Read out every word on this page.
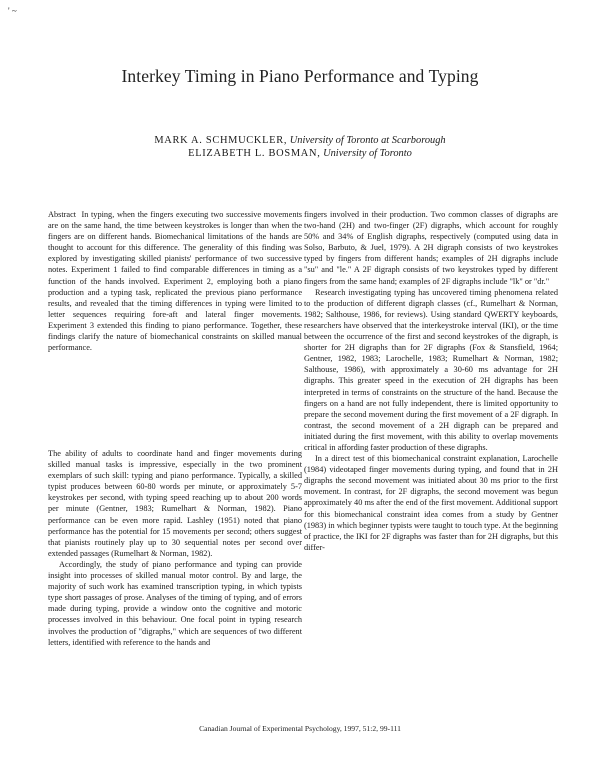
' ~
Interkey Timing in Piano Performance and Typing
MARK A. SCHMUCKLER, University of Toronto at Scarborough
ELIZABETH L. BOSMAN, University of Toronto

Abstract In typing, when the fingers executing two successive movements are on the same hand, the time between keystrokes is longer than when the fingers are on different hands. Biomechanical limitations of the hands are thought to account for this difference. The generality of this finding was explored by investigating skilled pianists' performance of two successive notes. Experiment 1 failed to find comparable differences in timing as a function of the hands involved. Experiment 2, employing both a piano production and a typing task, replicated the previous piano performance results, and revealed that the timing differences in typing were limited to letter sequences requiring fore-aft and lateral finger movements. Experiment 3 extended this finding to piano performance. Together, these findings clarify the nature of biomechanical constraints on skilled manual performance.

The ability of adults to coordinate hand and finger movements during skilled manual tasks is impressive, especially in the two prominent exemplars of such skill: typing and piano performance. Typically, a skilled typist produces between 60-80 words per minute, or approximately 5-7 keystrokes per second, with typing speed reaching up to about 200 words per minute (Gentner, 1983; Rumelhart & Norman, 1982). Piano performance can be even more rapid. Lashley (1951) noted that piano performance has the potential for 15 movements per second; others suggest that pianists routinely play up to 30 sequential notes per second over extended passages (Rumelhart & Norman, 1982).

Accordingly, the study of piano performance and typing can provide insight into processes of skilled manual motor control. By and large, the majority of such work has examined transcription typing, in which typists type short passages of prose. Analyses of the timing of typing, and of errors made during typing, provide a window onto the cognitive and motoric processes involved in this behaviour. One focal point in typing research involves the production of "digraphs," which are sequences of two different letters, identified with reference to the hands and

fingers involved in their production. Two common classes of digraphs are two-hand (2H) and two-finger (2F) digraphs, which account for roughly 50% and 34% of English digraphs, respectively (computed using data in Solso, Barbuto, & Juel, 1979). A 2H digraph consists of two keystrokes typed by fingers from different hands; examples of 2H digraphs include "su" and "le." A 2F digraph consists of two keystrokes typed by different fingers from the same hand; examples of 2F digraphs include "lk" or "dr."

Research investigating typing has uncovered timing phenomena related to the production of different digraph classes (cf., Rumelhart & Norman, 1982; Salthouse, 1986, for reviews). Using standard QWERTY keyboards, researchers have observed that the interkeystroke interval (IKI), or the time between the occurrence of the first and second keystrokes of the digraph, is shorter for 2H digraphs than for 2F digraphs (Fox & Stansfield, 1964; Gentner, 1982, 1983; Larochelle, 1983; Rumelhart & Norman, 1982; Salthouse, 1986), with approximately a 30-60 ms advantage for 2H digraphs. This greater speed in the execution of 2H digraphs has been interpreted in terms of constraints on the structure of the hand. Because the fingers on a hand are not fully independent, there is limited opportunity to prepare the second movement during the first movement of a 2F digraph. In contrast, the second movement of a 2H digraph can be prepared and initiated during the first movement, with this ability to overlap movements critical in affording faster production of these digraphs.

In a direct test of this biomechanical constraint explanation, Larochelle (1984) videotaped finger movements during typing, and found that in 2H digraphs the second movement was initiated about 30 ms prior to the first movement. In contrast, for 2F digraphs, the second movement was begun approximately 40 ms after the end of the first movement. Additional support for this biomechanical constraint idea comes from a study by Gentner (1983) in which beginner typists were taught to touch type. At the beginning of practice, the IKI for 2F digraphs was faster than for 2H digraphs, but this differ-

Canadian Journal of Experimental Psychology, 1997, 51:2, 99-111
